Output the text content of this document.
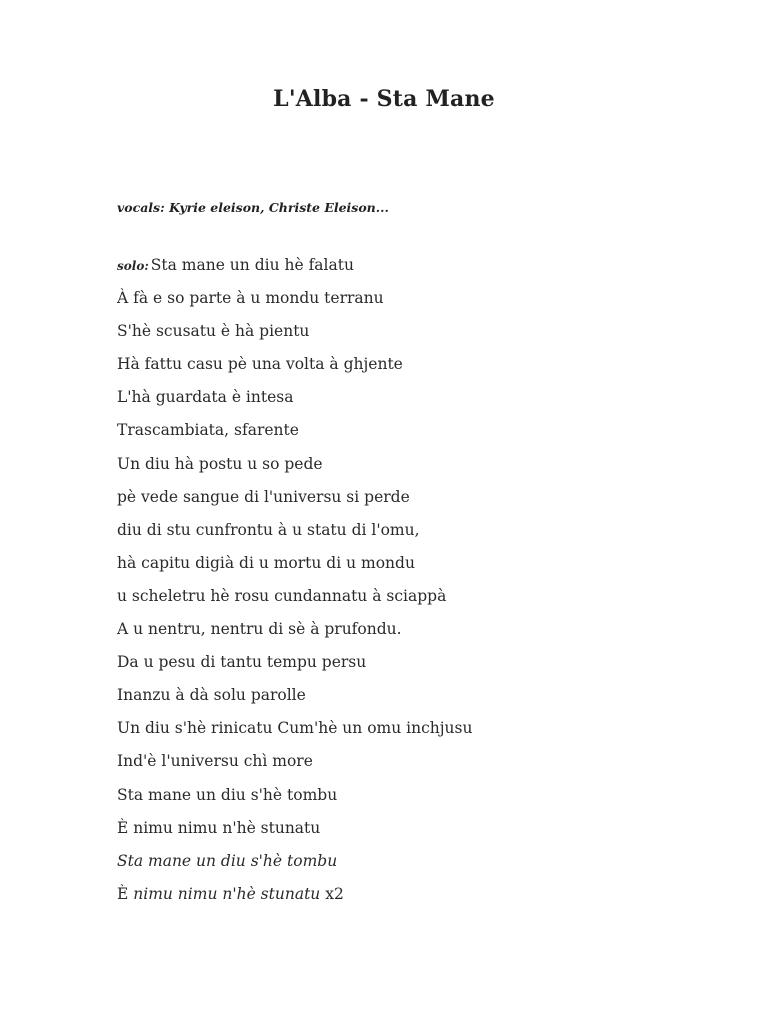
L'Alba - Sta Mane
vocals: Kyrie eleison, Christe Eleison...
solo: Sta mane un diu hè falatu
À fà e so parte à u mondu terranu
S'hè scusatu è hà pientu
Hà fattu casu pè una volta à ghjente
L'hà guardata è intesa
Trascambiata, sfarente
Un diu hà postu u so pede
pè vede sangue di l'universu si perde
diu di stu cunfrontu à u statu di l'omu,
hà capitu digià di u mortu di u mondu
u scheletru hè rosu cundannatu à sciappà
A u nentru, nentru di sè à prufondu.
Da u pesu di tantu tempu persu
Inanzu à dà solu parolle
Un diu s'hè rinicatu Cum'hè un omu inchjusu
Ind'è l'universu chì more
Sta mane un diu s'hè tombu
È nimu nimu n'hè stunatu
Sta mane un diu s'hè tombu
È nimu nimu n'hè stunatu x2
